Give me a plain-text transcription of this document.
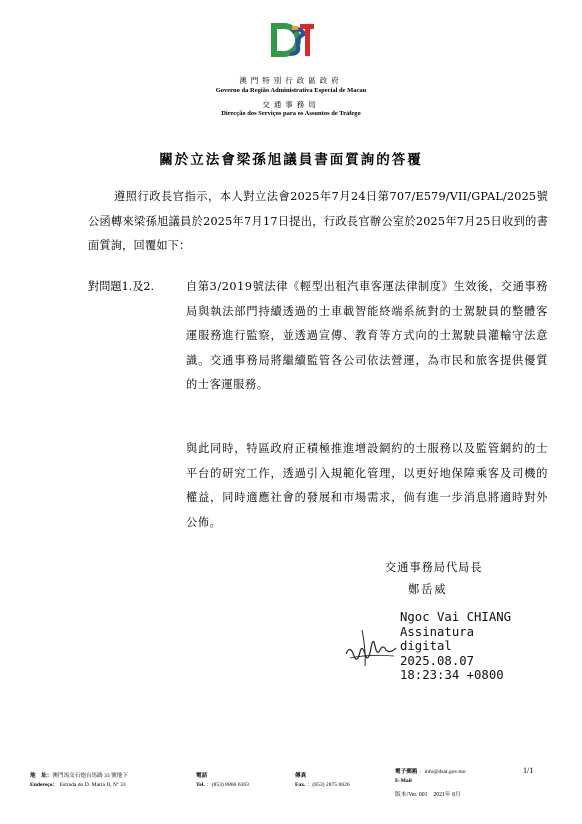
澳門特別行政區政府
Governo da Região Administrativa Especial de Macau
交通事務局
Direcção dos Serviços para os Assuntos de Tráfego
關於立法會梁孫旭議員書面質詢的答覆
遵照行政長官指示，本人對立法會2025年7月24日第707/E579/VII/GPAL/2025號公函轉來梁孫旭議員於2025年7月17日提出，行政長官辦公室於2025年7月25日收到的書面質詢，回覆如下：
對問題1.及2.	自第3/2019號法律《輕型出租汽車客運法律制度》生效後，交通事務局與執法部門持續透過的士車載智能終端系統對的士駕駛員的整體客運服務進行監察，並透過宣傳、教育等方式向的士駕駛員灌輸守法意識。交通事務局將繼續監管各公司依法營運，為市民和旅客提供優質的士客運服務。
與此同時，特區政府正積極推進增設網約的士服務以及監管網約的士平台的研究工作，透過引入規範化管理，以更好地保障乘客及司機的權益，同時適應社會的發展和市場需求，倘有進一步消息將適時對外公佈。
交通事務局代局長
鄭岳威
Ngoc Vai CHIANG
Assinatura
digital
2025.08.07
18:23:34 +0800
1/1
地　址：澳門馬交石炮台馬路 33 號地下
Endereço： Estrada do D. Maria II, Nº 33
電話
Tel. ：(853) 8866 6363
傳真
Fax. ：(853) 2875 0626
電子郵箱 ：info@dsat.gov.mo
E-Mail
版本/Ver. 001　2021年 8月
